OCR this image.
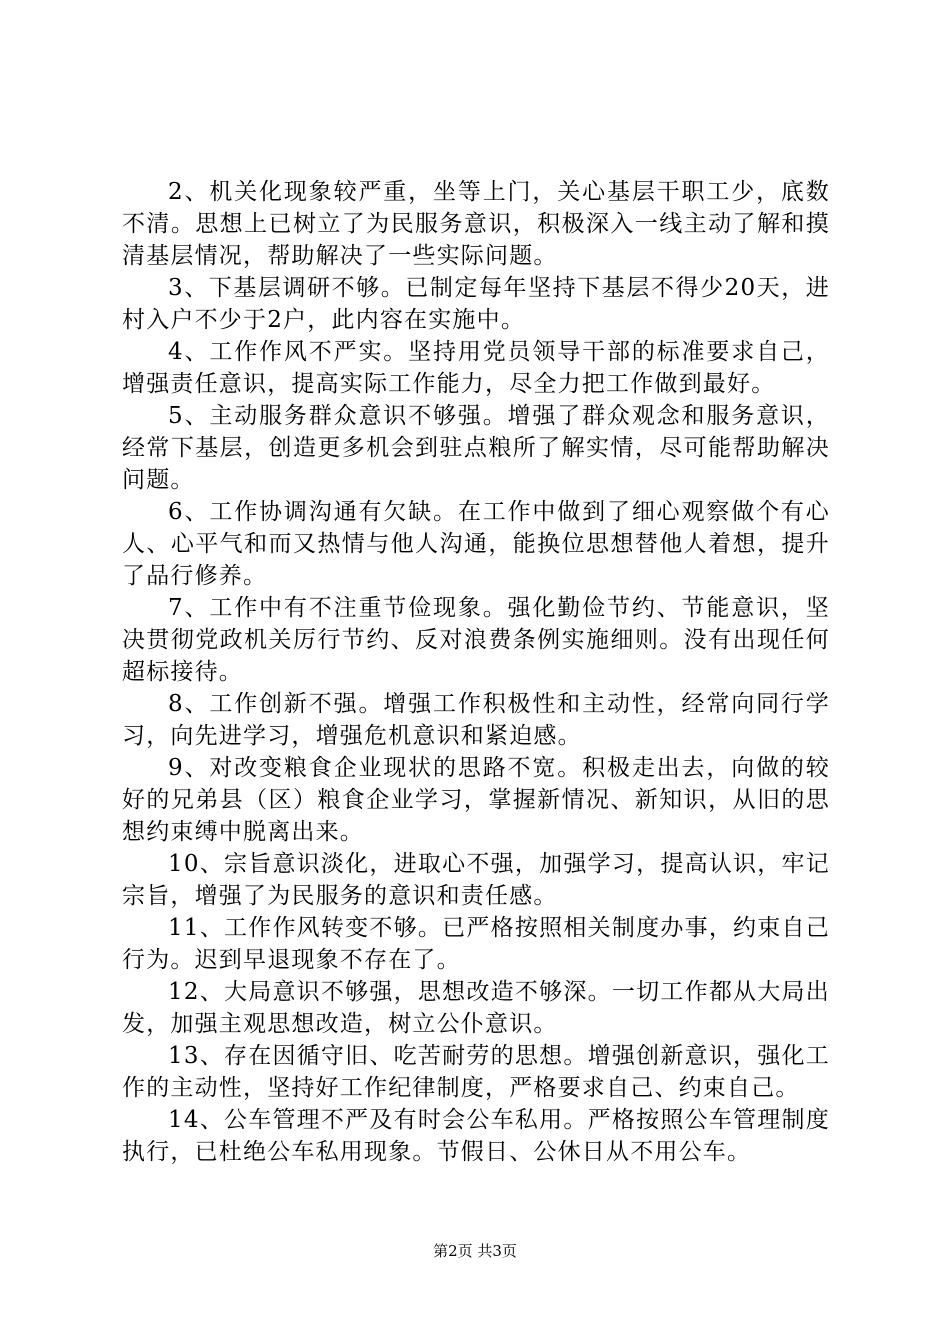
2、机关化现象较严重，坐等上门，关心基层干职工少，底数不清。思想上已树立了为民服务意识，积极深入一线主动了解和摸清基层情况，帮助解决了一些实际问题。

3、下基层调研不够。已制定每年坚持下基层不得少20天，进村入户不少于2户，此内容在实施中。

4、工作作风不严实。坚持用党员领导干部的标准要求自己，增强责任意识，提高实际工作能力，尽全力把工作做到最好。

5、主动服务群众意识不够强。增强了群众观念和服务意识，经常下基层，创造更多机会到驻点粮所了解实情，尽可能帮助解决问题。

6、工作协调沟通有欠缺。在工作中做到了细心观察做个有心人、心平气和而又热情与他人沟通，能换位思想替他人着想，提升了品行修养。

7、工作中有不注重节俭现象。强化勤俭节约、节能意识，坚决贯彻党政机关厉行节约、反对浪费条例实施细则。没有出现任何超标接待。

8、工作创新不强。增强工作积极性和主动性，经常向同行学习，向先进学习，增强危机意识和紧迫感。

9、对改变粮食企业现状的思路不宽。积极走出去，向做的较好的兄弟县（区）粮食企业学习，掌握新情况、新知识，从旧的思想约束缚中脱离出来。

10、宗旨意识淡化，进取心不强，加强学习，提高认识，牢记宗旨，增强了为民服务的意识和责任感。

11、工作作风转变不够。已严格按照相关制度办事，约束自己行为。迟到早退现象不存在了。

12、大局意识不够强，思想改造不够深。一切工作都从大局出发，加强主观思想改造，树立公仆意识。

13、存在因循守旧、吃苦耐劳的思想。增强创新意识，强化工作的主动性，坚持好工作纪律制度，严格要求自己、约束自己。

14、公车管理不严及有时会公车私用。严格按照公车管理制度执行，已杜绝公车私用现象。节假日、公休日从不用公车。

第2页 共3页
